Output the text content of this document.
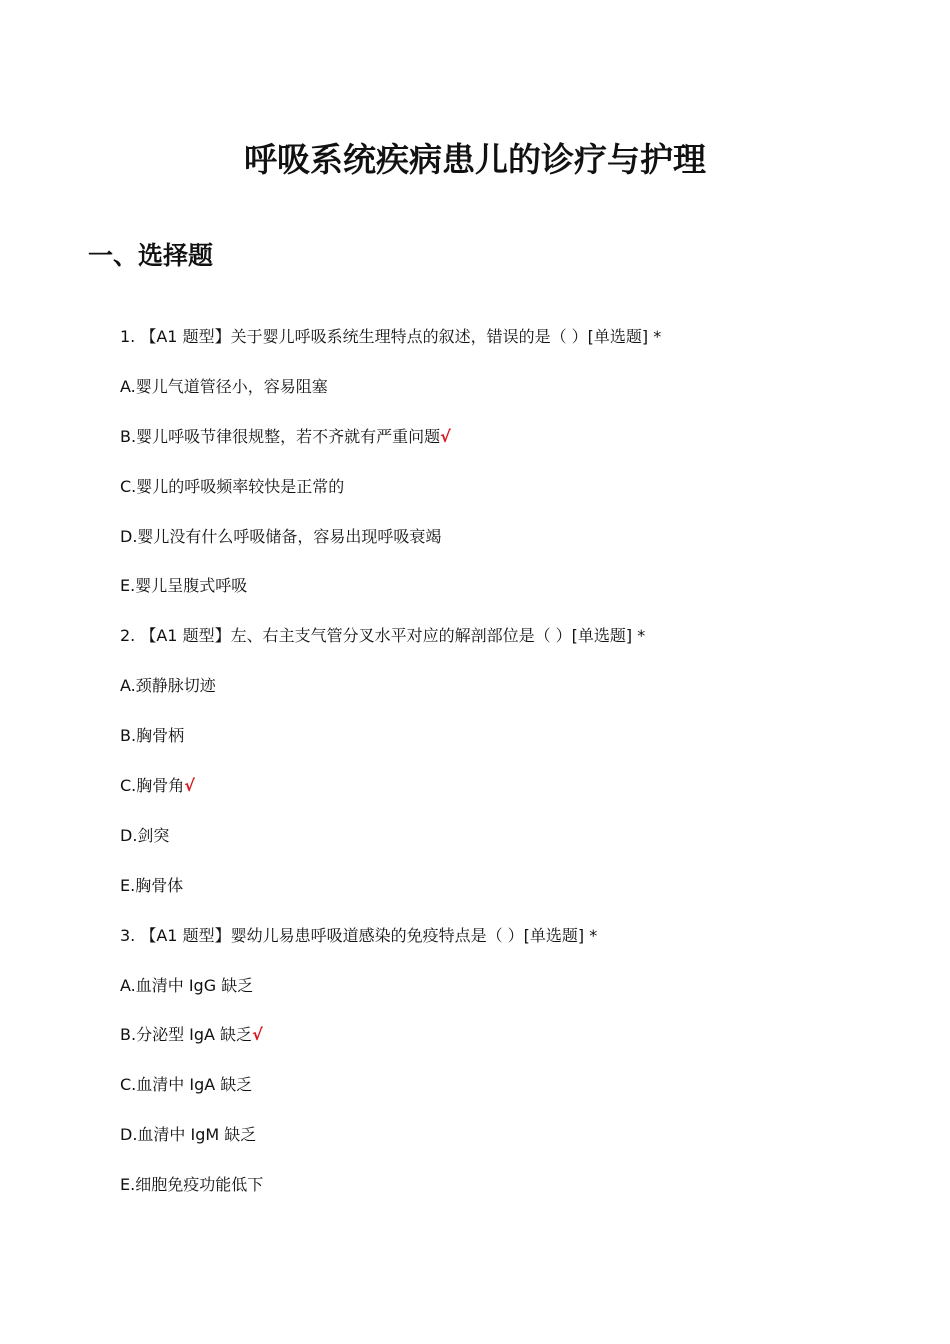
呼吸系统疾病患儿的诊疗与护理
一、选择题
1. 【A1 题型】关于婴儿呼吸系统生理特点的叙述，错误的是（ ）[单选题] *
A.婴儿气道管径小，容易阻塞
B.婴儿呼吸节律很规整，若不齐就有严重问题√
C.婴儿的呼吸频率较快是正常的
D.婴儿没有什么呼吸储备，容易出现呼吸衰竭
E.婴儿呈腹式呼吸
2. 【A1 题型】左、右主支气管分叉水平对应的解剖部位是（ ）[单选题] *
A.颈静脉切迹
B.胸骨柄
C.胸骨角√
D.剑突
E.胸骨体
3. 【A1 题型】婴幼儿易患呼吸道感染的免疫特点是（ ）[单选题] *
A.血清中 IgG 缺乏
B.分泌型 IgA 缺乏√
C.血清中 IgA 缺乏
D.血清中 IgM 缺乏
E.细胞免疫功能低下
